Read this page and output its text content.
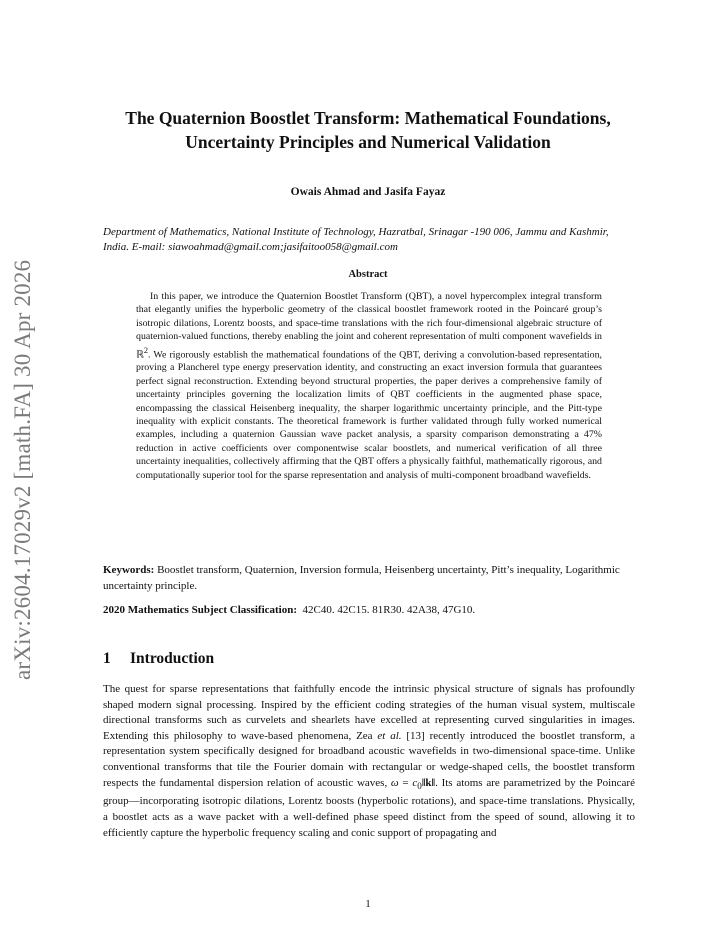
arXiv:2604.17029v2 [math.FA] 30 Apr 2026
The Quaternion Boostlet Transform: Mathematical Foundations, Uncertainty Principles and Numerical Validation
Owais Ahmad and Jasifa Fayaz
Department of Mathematics, National Institute of Technology, Hazratbal, Srinagar -190 006, Jammu and Kashmir, India. E-mail: siawoahmad@gmail.com;jasifaitoo058@gmail.com
Abstract

In this paper, we introduce the Quaternion Boostlet Transform (QBT), a novel hypercomplex integral transform that elegantly unifies the hyperbolic geometry of the classical boostlet framework rooted in the Poincaré group’s isotropic dilations, Lorentz boosts, and space-time translations with the rich four-dimensional algebraic structure of quaternion-valued functions, thereby enabling the joint and coherent representation of multi component wavefields in ℝ$^2$. We rigorously establish the mathematical foundations of the QBT, deriving a convolution-based representation, proving a Plancherel type energy preservation identity, and constructing an exact inversion formula that guarantees perfect signal reconstruction. Extending beyond structural properties, the paper derives a comprehensive family of uncertainty principles governing the localization limits of QBT coefficients in the augmented phase space, encompassing the classical Heisenberg inequality, the sharper logarithmic uncertainty principle, and the Pitt-type inequality with explicit constants. The theoretical framework is further validated through fully worked numerical examples, including a quaternion Gaussian wave packet analysis, a sparsity comparison demonstrating a 47% reduction in active coefficients over componentwise scalar boostlets, and numerical verification of all three uncertainty inequalities, collectively affirming that the QBT offers a physically faithful, mathematically rigorous, and computationally superior tool for the sparse representation and analysis of multi-component broadband wavefields.

Keywords: Boostlet transform, Quaternion, Inversion formula, Heisenberg uncertainty, Pitt’s inequality, Logarithmic uncertainty principle.

2020 Mathematics Subject Classification: 42C40. 42C15. 81R30. 42A38, 47G10.

1 Introduction

The quest for sparse representations that faithfully encode the intrinsic physical structure of signals has profoundly shaped modern signal processing. Inspired by the efficient coding strategies of the human visual system, multiscale directional transforms such as curvelets and shearlets have excelled at representing curved singularities in images. Extending this philosophy to wave-based phenomena, Zea et al. [13] recently introduced the boostlet transform, a representation system specifically designed for broadband acoustic wavefields in two-dimensional space-time. Unlike conventional transforms that tile the Fourier domain with rectangular or wedge-shaped cells, the boostlet transform respects the fundamental dispersion relation of acoustic waves, $\omega = c_0‖k‖$. Its atoms are parametrized by the Poincaré group—incorporating isotropic dilations, Lorentz boosts (hyperbolic rotations), and space-time translations. Physically, a boostlet acts as a wave packet with a well-defined phase speed distinct from the speed of sound, allowing it to efficiently capture the hyperbolic frequency scaling and conic support of propagating and

1
